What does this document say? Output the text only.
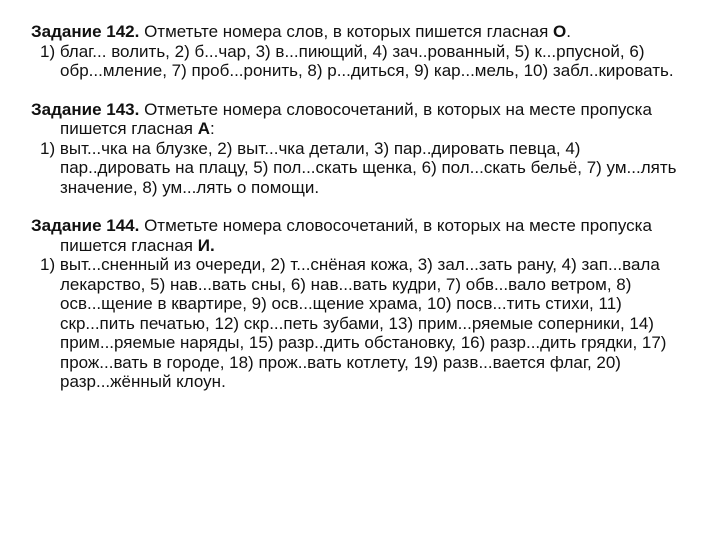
Задание 142. Отметьте номера слов, в которых пишется гласная О.

1) благ... волить, 2) б...чар, 3) в...пиющий, 4) зач..рованный, 5) к...рпусной, 6) обр...мление, 7) проб...ронить, 8) р...диться, 9) кар...мель, 10) забл..кировать.

Задание 143. Отметьте номера словосочетаний, в которых на месте пропуска пишется гласная А:

1) выт...чка на блузке, 2) выт...чка детали, 3) пар..дировать певца, 4) пар..дировать на плацу, 5) пол...скать щенка, 6) пол...скать бельё, 7) ум...лять значение, 8) ум...лять о помощи.

Задание 144. Отметьте номера словосочетаний, в которых на месте пропуска пишется гласная И.

1) выт...сненный из очереди, 2) т...снёная кожа, 3) зал...зать рану, 4) зап...вала лекарство, 5) нав...вать сны, 6) нав...вать кудри, 7) обв...вало ветром, 8) осв...щение в квартире, 9) осв...щение храма, 10) посв...тить стихи, 11) скр...пить печатью, 12) скр...петь зубами, 13) прим...ряемые соперники, 14) прим...ряемые наряды, 15) разр..дить обстановку, 16) разр...дить грядки, 17) прож...вать в городе, 18) прож..вать котлету, 19) разв...вается флаг, 20) разр...жённый клоун.
